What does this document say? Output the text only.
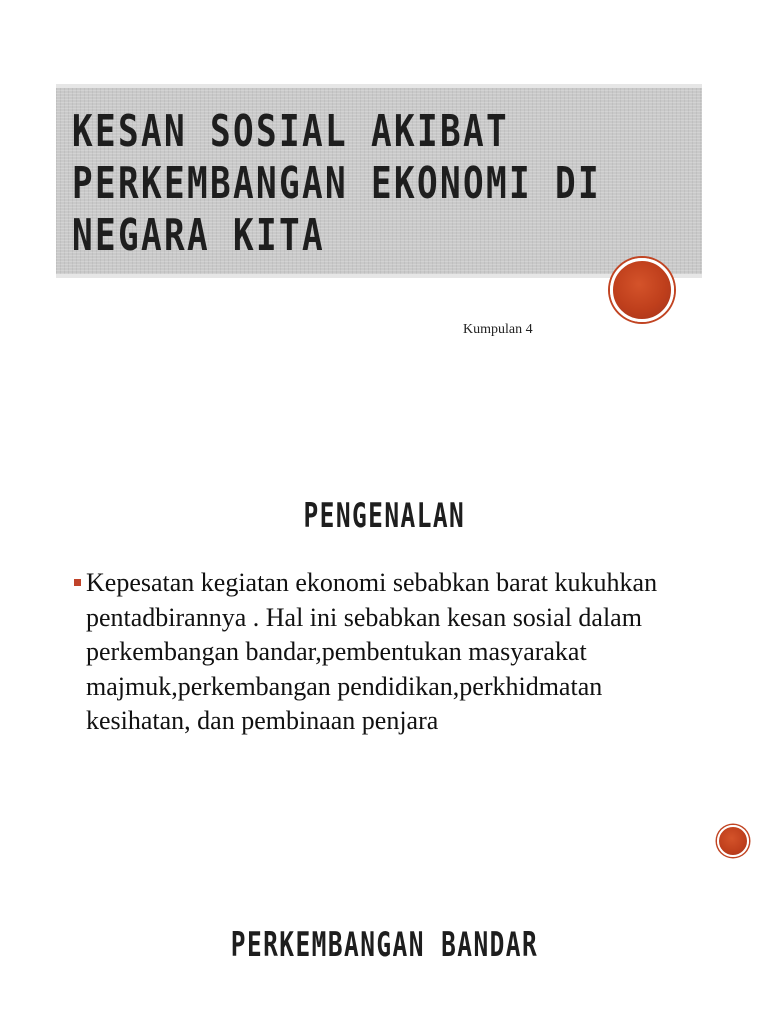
KESAN SOSIAL AKIBAT
PERKEMBANGAN EKONOMI DI
NEGARA KITA
Kumpulan 4
PENGENALAN
Kepesatan kegiatan ekonomi sebabkan barat kukuhkan pentadbirannya . Hal ini sebabkan kesan sosial dalam perkembangan bandar,pembentukan masyarakat majmuk,perkembangan pendidikan,perkhidmatan kesihatan, dan pembinaan penjara
PERKEMBANGAN BANDAR
